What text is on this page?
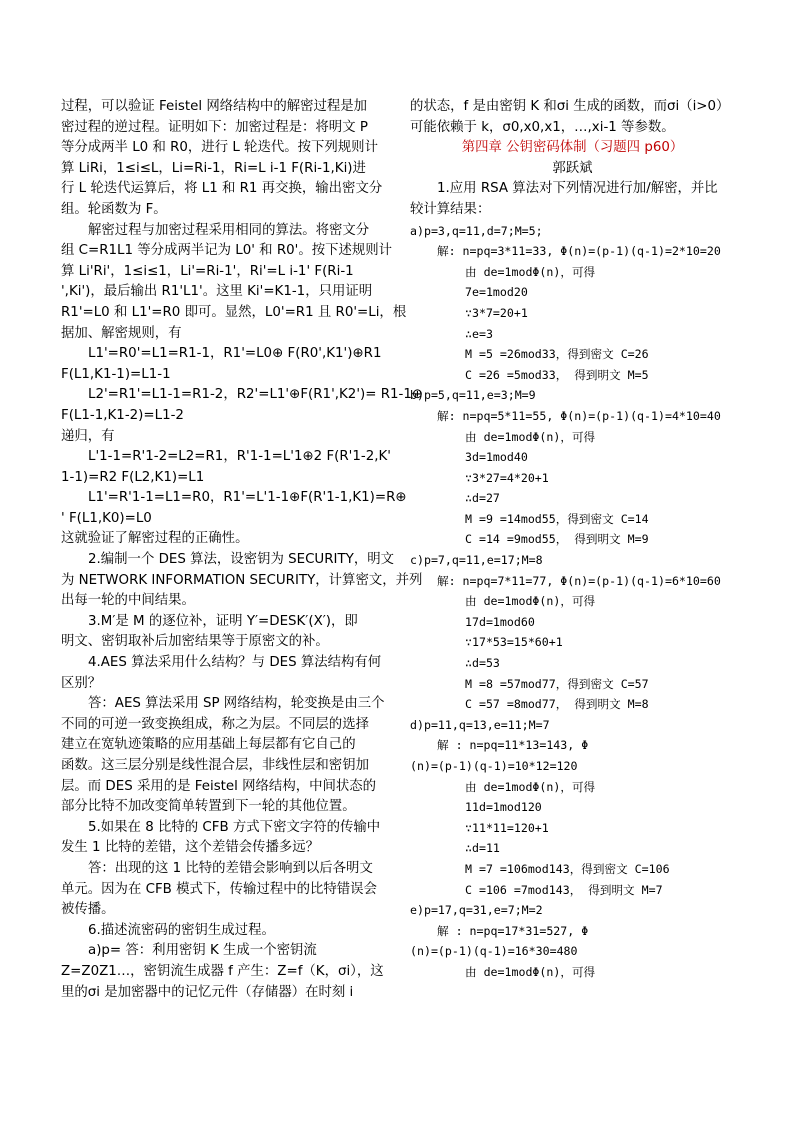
过程，可以验证 Feistel 网络结构中的解密过程是加

密过程的逆过程。证明如下：加密过程是：将明文 P

等分成两半 L0 和 R0，进行 L 轮迭代。按下列规则计

算 LiRi，1≤i≤L，Li=Ri-1，Ri=L i-1 F(Ri-1,Ki)进

行 L 轮迭代运算后，将 L1 和 R1 再交换，输出密文分

组。轮函数为 F。

解密过程与加密过程采用相同的算法。将密文分

组 C=R1L1 等分成两半记为 L0' 和 R0'。按下述规则计

算 Li'Ri'，1≤i≤1，Li'=Ri-1'，Ri'=L i-1' F(Ri-1

',Ki')，最后输出 R1'L1'。这里 Ki'=K1-1，只用证明

R1'=L0 和 L1'=R0 即可。显然，L0'=R1 且 R0'=Li，根

据加、解密规则，有

L1'=R0'=L1=R1-1，R1'=L0⊕ F(R0',K1')⊕R1

F(L1,K1-1)=L1-1

L2'=R1'=L1-1=R1-2，R2'=L1'⊕F(R1',K2')= R1-1⊕

F(L1-1,K1-2)=L1-2

递归，有

L'1-1=R'1-2=L2=R1，R'1-1=L'1⊕2 F(R'1-2,K'

1-1)=R2 F(L2,K1)=L1

L1'=R'1-1=L1=R0，R1'=L'1-1⊕F(R'1-1,K1)=R⊕

' F(L1,K0)=L0

这就验证了解密过程的正确性。

2.编制一个 DES 算法，设密钥为 SECURITY，明文

为 NETWORK INFORMATION SECURITY，计算密文，并列

出每一轮的中间结果。

3.M′是 M 的逐位补，证明 Y′=DESK′(X′)，即

明文、密钥取补后加密结果等于原密文的补。

4.AES 算法采用什么结构？与 DES 算法结构有何

区别？

答：AES 算法采用 SP 网络结构，轮变换是由三个

不同的可逆一致变换组成，称之为层。不同层的选择

建立在宽轨迹策略的应用基础上每层都有它自己的

函数。这三层分别是线性混合层，非线性层和密钥加

层。而 DES 采用的是 Feistel 网络结构，中间状态的

部分比特不加改变简单转置到下一轮的其他位置。

5.如果在 8 比特的 CFB 方式下密文字符的传输中

发生 1 比特的差错，这个差错会传播多远？

答：出现的这 1 比特的差错会影响到以后各明文

单元。因为在 CFB 模式下，传输过程中的比特错误会

被传播。

6.描述流密码的密钥生成过程。

a)p= 答：利用密钥 K 生成一个密钥流

Z=Z0Z1…，密钥流生成器 f 产生：Z=f（K，σi），这

里的σi 是加密器中的记忆元件（存储器）在时刻 i

的状态，f 是由密钥 K 和σi 生成的函数，而σi（i>0）

可能依赖于 k，σ0,x0,x1，…,xi-1 等参数。

第四章 公钥密码体制（习题四 p60）

郭跃斌

1.应用 RSA 算法对下列情况进行加/解密，并比

较计算结果：

a)p=3,q=11,d=7;M=5;

解: n=pq=3*11=33, Φ(n)=(p-1)(q-1)=2*10=20

由 de=1modΦ(n)，可得

7e=1mod20

∵3*7=20+1

∴e=3

M =5 =26mod33，得到密文 C=26

C =26 =5mod33， 得到明文 M=5

b)p=5,q=11,e=3;M=9

解: n=pq=5*11=55, Φ(n)=(p-1)(q-1)=4*10=40

由 de=1modΦ(n)，可得

3d=1mod40

∵3*27=4*20+1

∴d=27

M =9 =14mod55，得到密文 C=14

C =14 =9mod55， 得到明文 M=9

c)p=7,q=11,e=17;M=8

解: n=pq=7*11=77, Φ(n)=(p-1)(q-1)=6*10=60

由 de=1modΦ(n)，可得

17d=1mod60

∵17*53=15*60+1

∴d=53

M =8 =57mod77，得到密文 C=57

C =57 =8mod77， 得到明文 M=8

d)p=11,q=13,e=11;M=7

解 : n=pq=11*13=143, Φ

(n)=(p-1)(q-1)=10*12=120

由 de=1modΦ(n)，可得

11d=1mod120

∵11*11=120+1

∴d=11

M =7 =106mod143，得到密文 C=106

C =106 =7mod143， 得到明文 M=7

e)p=17,q=31,e=7;M=2

解 : n=pq=17*31=527, Φ

(n)=(p-1)(q-1)=16*30=480

由 de=1modΦ(n)，可得
